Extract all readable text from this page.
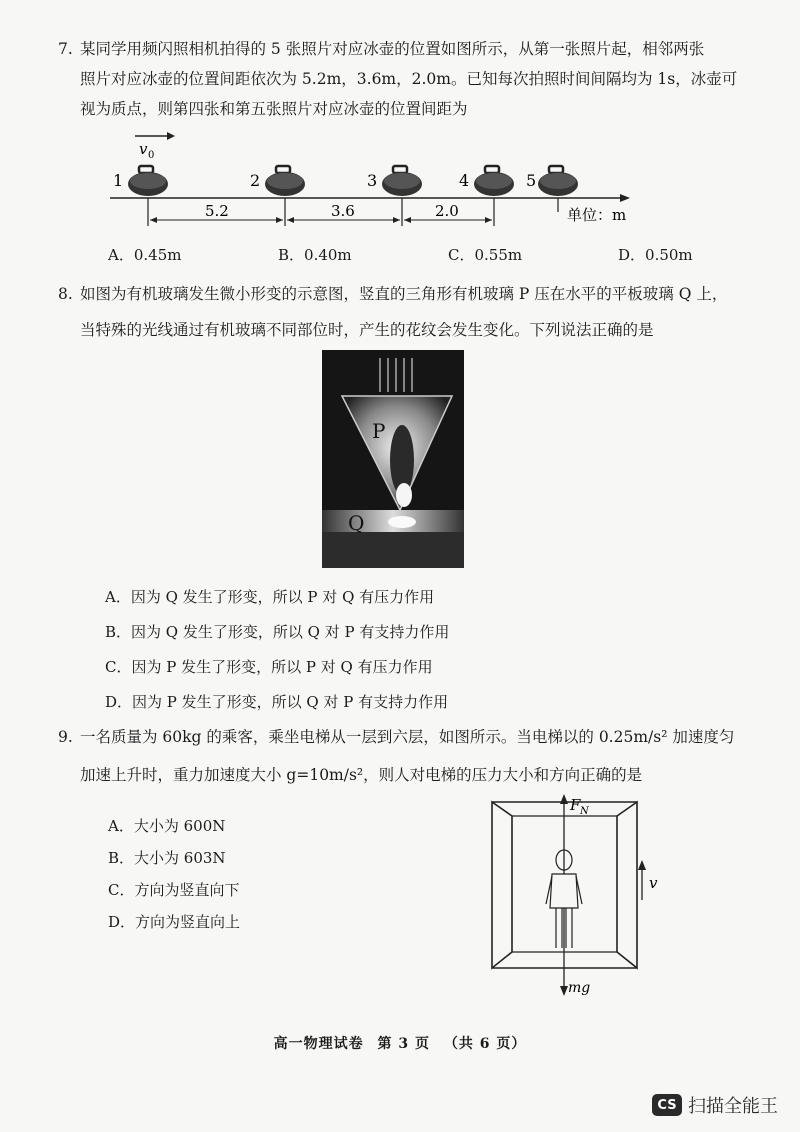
7. 某同学用频闪照相机拍得的 5 张照片对应冰壶的位置如图所示，从第一张照片起，相邻两张
照片对应冰壶的位置间距依次为 5.2m，3.6m，2.0m。已知每次拍照时间间隔均为 1s，冰壶可
视为质点，则第四张和第五张照片对应冰壶的位置间距为
v 0
1	2	3	4	5
5.2	3.6	2.0	单位：m
A．0.45m	B．0.40m	C．0.55m	D．0.50m
8. 如图为有机玻璃发生微小形变的示意图，竖直的三角形有机玻璃 P 压在水平的平板玻璃 Q 上，
当特殊的光线通过有机玻璃不同部位时，产生的花纹会发生变化。下列说法正确的是
P
Q
A．因为 Q 发生了形变，所以 P 对 Q 有压力作用
B．因为 Q 发生了形变，所以 Q 对 P 有支持力作用
C．因为 P 发生了形变，所以 P 对 Q 有压力作用
D．因为 P 发生了形变，所以 Q 对 P 有支持力作用
9. 一名质量为 60kg 的乘客，乘坐电梯从一层到六层，如图所示。当电梯以的 0.25m/s² 加速度匀
加速上升时，重力加速度大小 g=10m/s²，则人对电梯的压力大小和方向正确的是
A．大小为 600N
B．大小为 603N
C．方向为竖直向下
D．方向为竖直向上
F N
mg
v
高一物理试卷 第 3 页 （共 6 页）
CS 扫描全能王
